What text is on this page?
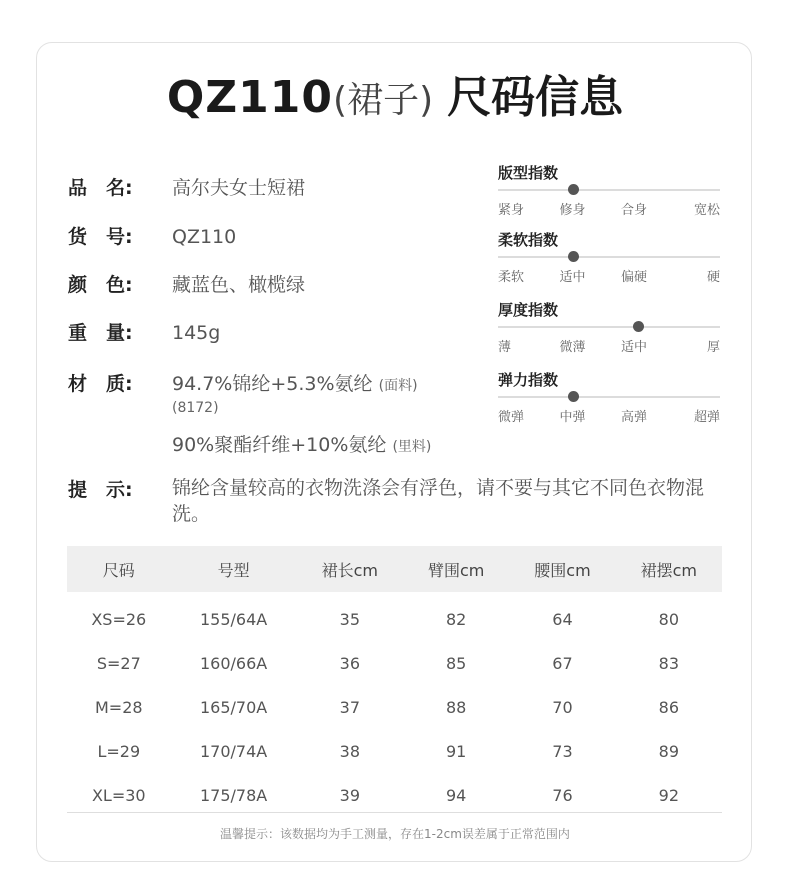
QZ110(裙子) 尺码信息
品　名:	高尔夫女士短裙
货　号:	QZ110
颜　色:	藏蓝色、橄榄绿
重　量:	145g
材　质:	94.7%锦纶+5.3%氨纶 (面料)
(8172)
90%聚酯纤维+10%氨纶 (里料)
提　示: 锦纶含量较高的衣物洗涤会有浮色，请不要与其它不同色衣物混洗。
版型指数
紧身	修身	合身	宽松
柔软指数
柔软	适中	偏硬	硬
厚度指数
薄	微薄	适中	厚
弹力指数
微弹	中弹	高弹	超弹
尺码	号型	裙长cm	臂围cm	腰围cm	裙摆cm
XS=26	155/64A	35	82	64	80
S=27	160/66A	36	85	67	83
M=28	165/70A	37	88	70	86
L=29	170/74A	38	91	73	89
XL=30	175/78A	39	94	76	92
温馨提示：该数据均为手工测量，存在1-2cm误差属于正常范围内
